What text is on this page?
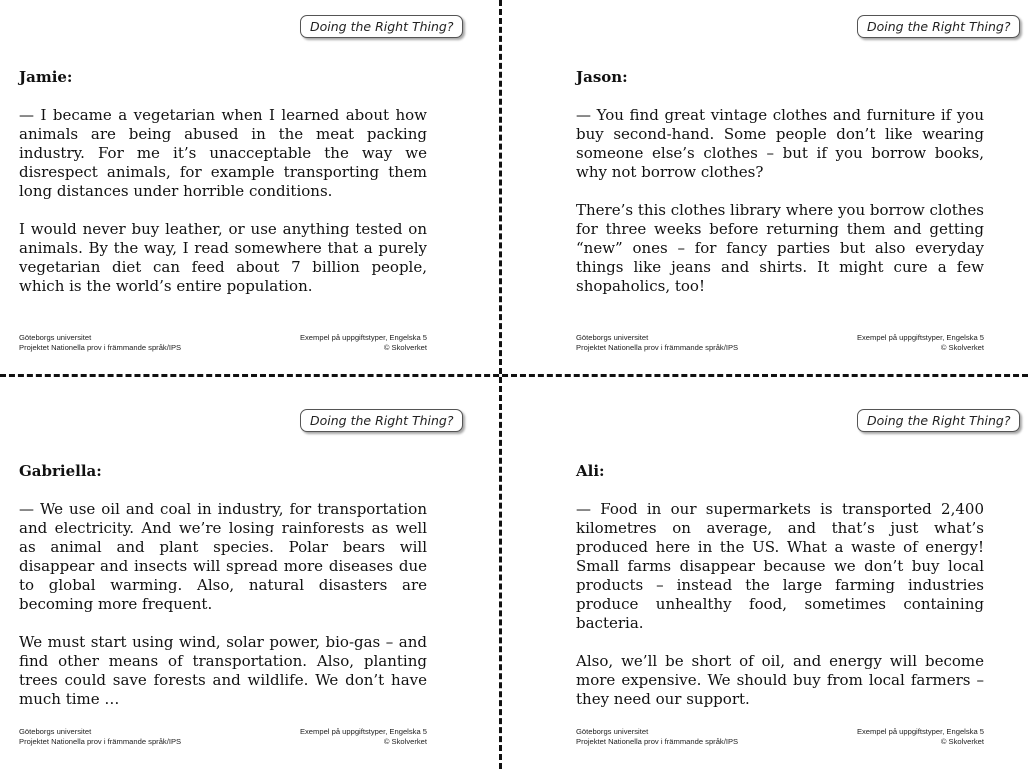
Doing the Right Thing?
Jamie:

— I became a vegetarian when I learned about how animals are being abused in the meat packing industry. For me it’s unacceptable the way we disrespect animals, for example transporting them long distances under horrible conditions.

I would never buy leather, or use anything tested on animals. By the way, I read somewhere that a purely vegetarian diet can feed about 7 billion people, which is the world’s entire population.

Göteborgs universitet
Projektet Nationella prov i främmande språk/IPS
Exempel på uppgiftstyper, Engelska 5
© Skolverket
Doing the Right Thing?
Jason:

— You find great vintage clothes and furniture if you buy second-hand. Some people don’t like wearing someone else’s clothes – but if you borrow books, why not borrow clothes?

There’s this clothes library where you borrow clothes for three weeks before returning them and getting “new” ones – for fancy parties but also everyday things like jeans and shirts. It might cure a few shopaholics, too!

Göteborgs universitet
Projektet Nationella prov i främmande språk/IPS
Exempel på uppgiftstyper, Engelska 5
© Skolverket
Doing the Right Thing?
Gabriella:

— We use oil and coal in industry, for transportation and electricity. And we’re losing rainforests as well as animal and plant species. Polar bears will disappear and insects will spread more diseases due to global warming. Also, natural disasters are becoming more frequent.

We must start using wind, solar power, bio-gas – and find other means of transportation. Also, planting trees could save forests and wildlife. We don’t have much time …

Göteborgs universitet
Projektet Nationella prov i främmande språk/IPS
Exempel på uppgiftstyper, Engelska 5
© Skolverket
Doing the Right Thing?
Ali:

— Food in our supermarkets is transported 2,400 kilometres on average, and that’s just what’s produced here in the US. What a waste of energy! Small farms disappear because we don’t buy local products – instead the large farming industries produce unhealthy food, sometimes containing bacteria.

Also, we’ll be short of oil, and energy will become more expensive. We should buy from local farmers – they need our support.

Göteborgs universitet
Projektet Nationella prov i främmande språk/IPS
Exempel på uppgiftstyper, Engelska 5
© Skolverket
